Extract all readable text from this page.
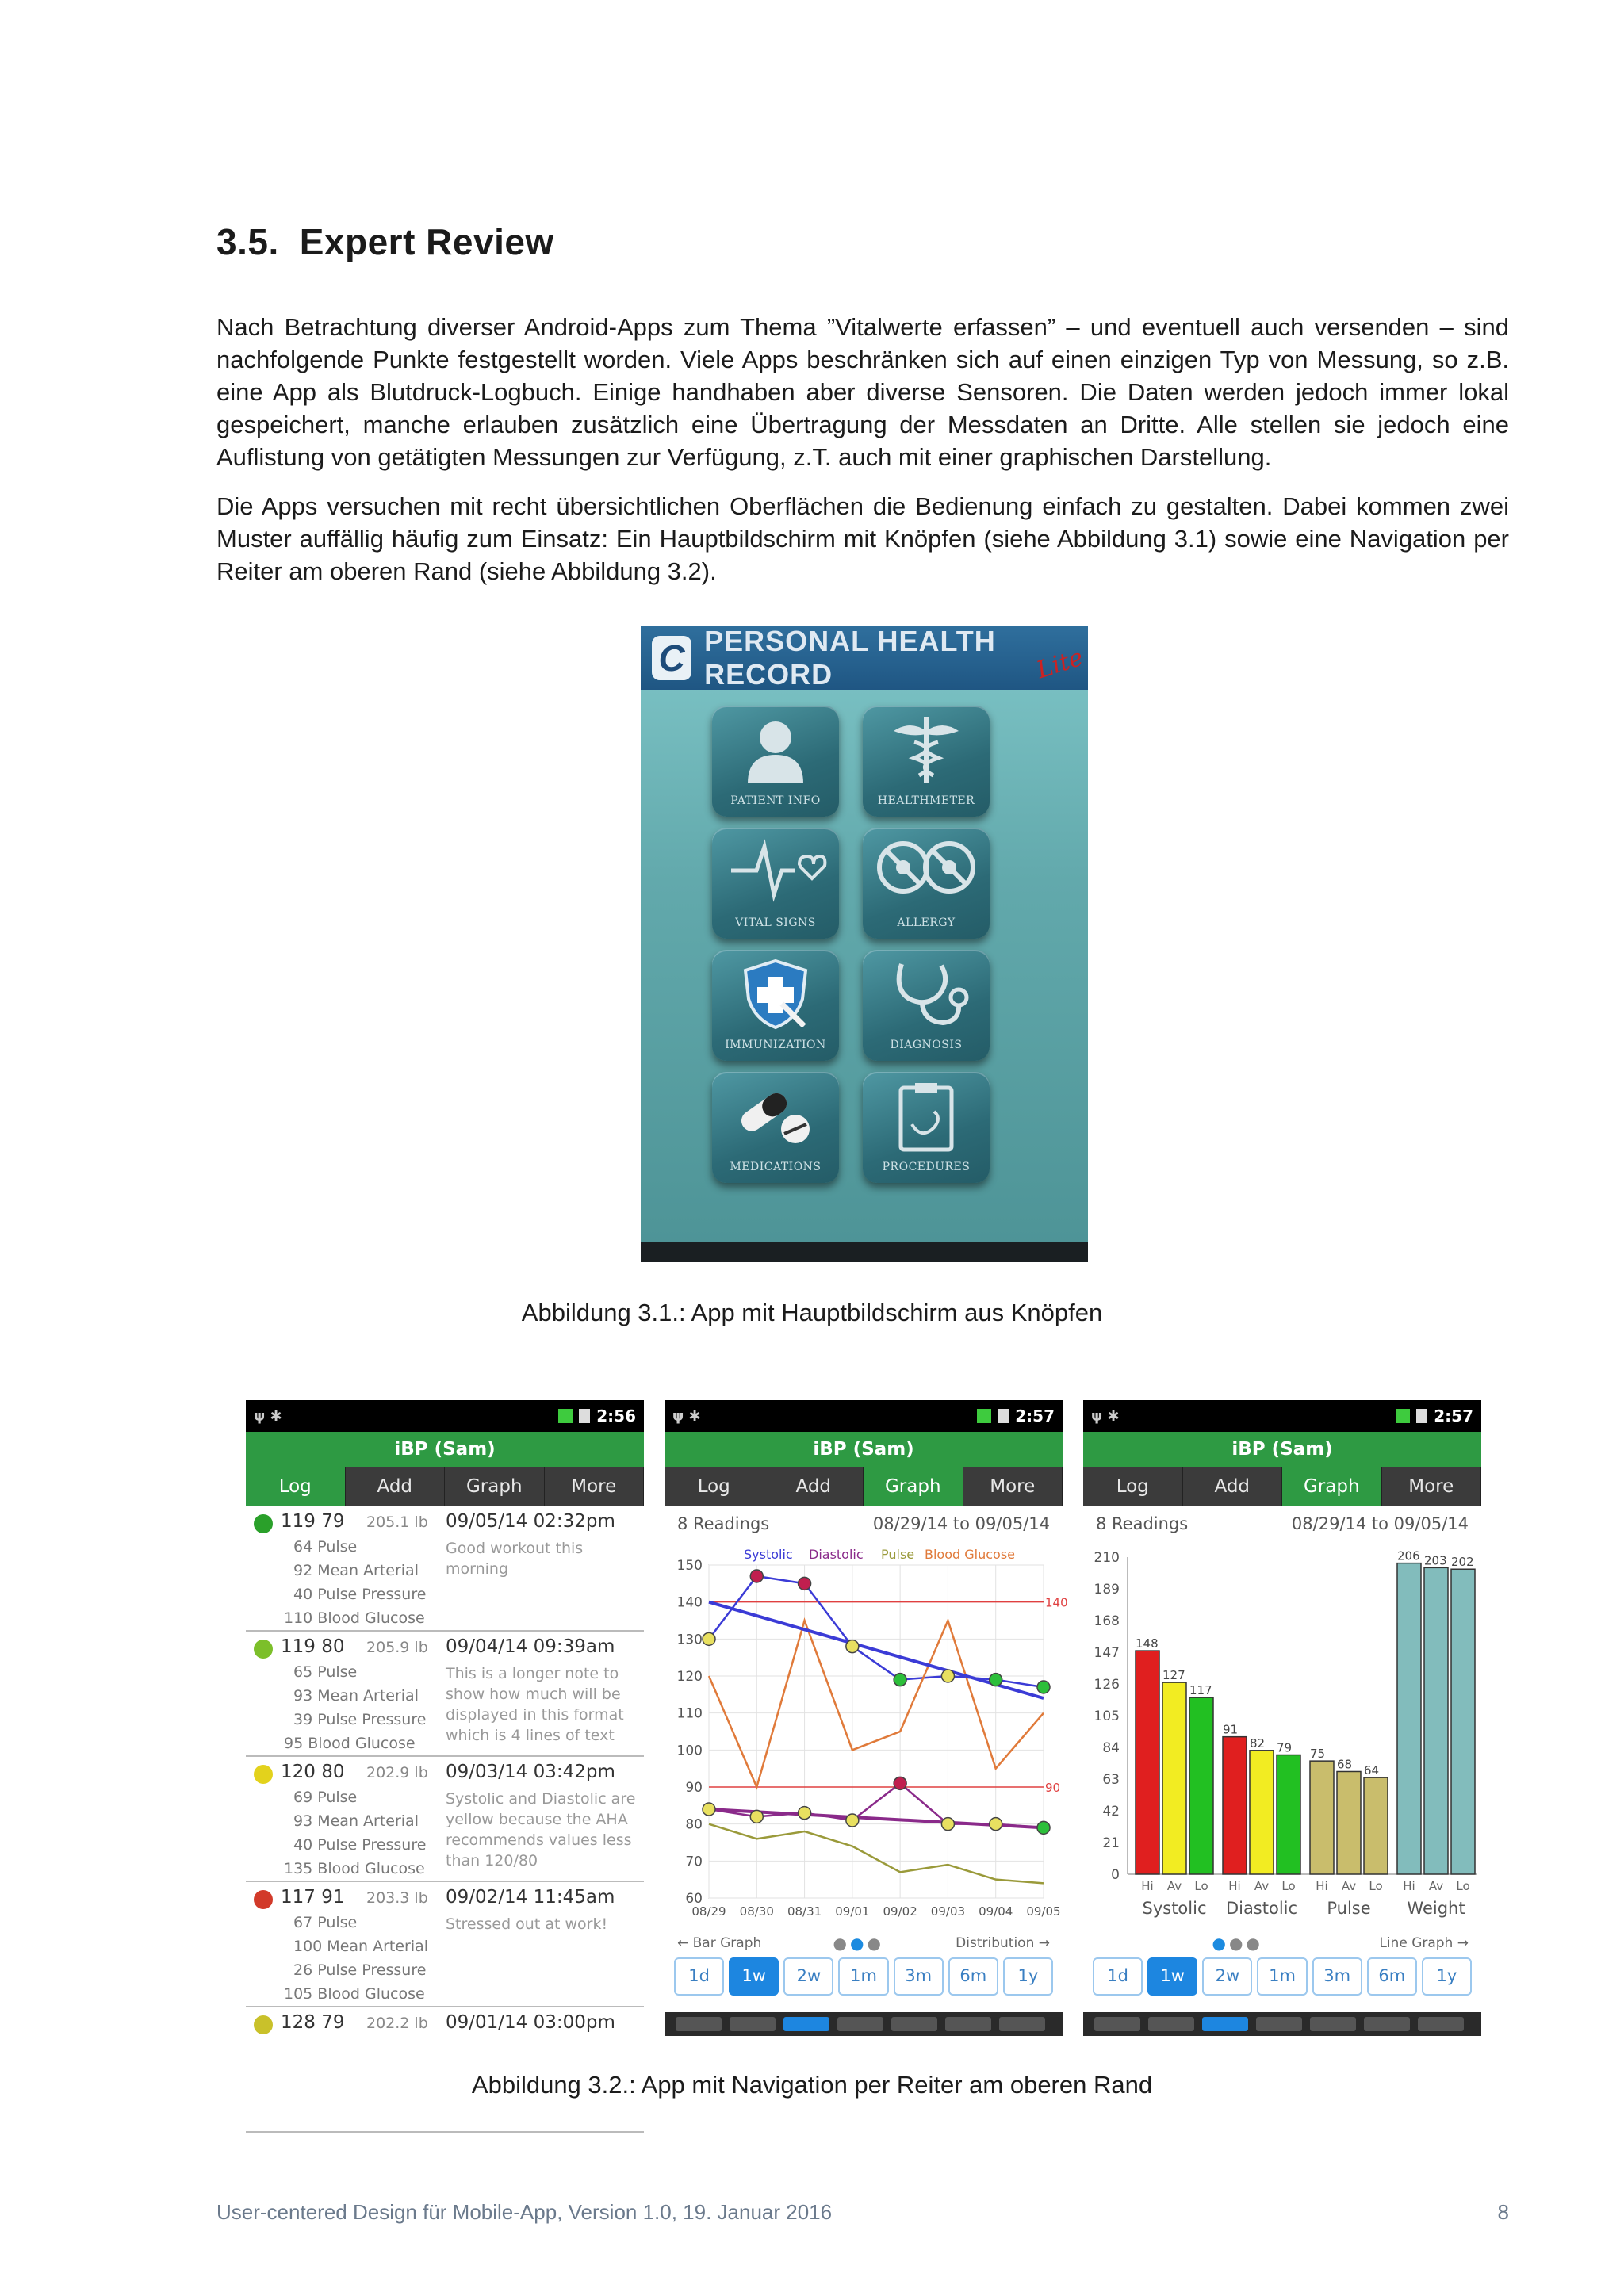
3.5. Expert Review
Nach Betrachtung diverser Android-Apps zum Thema ”Vitalwerte erfassen” – und eventuell auch versenden – sind nachfolgende Punkte festgestellt worden. Viele Apps beschränken sich auf einen einzigen Typ von Messung, so z.B. eine App als Blutdruck-Logbuch. Einige handhaben aber diverse Sensoren. Die Daten werden jedoch immer lokal gespeichert, manche erlauben zusätzlich eine Übertragung der Messdaten an Dritte. Alle stellen sie jedoch eine Auflistung von getätigten Messungen zur Verfügung, z.T. auch mit einer graphischen Darstellung.
Die Apps versuchen mit recht übersichtlichen Oberflächen die Bedienung einfach zu gestalten. Dabei kommen zwei Muster auffällig häufig zum Einsatz: Ein Hauptbildschirm mit Knöpfen (siehe Abbildung 3.1) sowie eine Navigation per Reiter am oberen Rand (siehe Abbildung 3.2).
C PERSONAL HEALTH RECORD	Lite
PATIENT INFO	HEALTHMETER
VITAL SIGNS	ALLERGY
IMMUNIZATION	DIAGNOSIS
MEDICATIONS	PROCEDURES
Abbildung 3.1.: App mit Hauptbildschirm aus Knöpfen
ψ ✱	2:56
iBP (Sam)
Log	Add	Graph	More
119 79 205.1 lb 09/05/14 02:32pm
64 Pulse
92 Mean Arterial
40 Pulse Pressure
110 Blood Glucose
Good workout this morning
119 80 205.9 lb 09/04/14 09:39am
65 Pulse
93 Mean Arterial
39 Pulse Pressure
95 Blood Glucose
This is a longer note to show how much will be displayed in this format which is 4 lines of text
120 80 202.9 lb 09/03/14 03:42pm
69 Pulse
93 Mean Arterial
40 Pulse Pressure
135 Blood Glucose
Systolic and Diastolic are yellow because the AHA recommends values less than 120/80
117 91 203.3 lb 09/02/14 11:45am
67 Pulse
100 Mean Arterial
26 Pulse Pressure
105 Blood Glucose
Stressed out at work!
128 79 202.2 lb 09/01/14 03:00pm
ψ ✱	2:57
iBP (Sam)
Log	Add	Graph	More
8 Readings	08/29/14 to 09/05/14
60
70
80
90
100
110
120
130
140
150
08/29 08/30 08/31 09/01 09/02 09/03 09/04 09/05
140
90
Systolic Diastolic Pulse Blood Glucose
← Bar Graph	●●●	Distribution →
1d	1w	2w	1m	3m	6m	1y
ψ ✱	2:57
iBP (Sam)
Log	Add	Graph	More
8 Readings	08/29/14 to 09/05/14
0
21
42
63
84
105
126
147
168
189
210
148
Hi
127
Av
117
Lo
Systolic
91
Hi
82
Av
79
Lo
Diastolic
75
Hi
68
Av
64
Lo
Pulse
206
Hi
203
Av
202
Lo
Weight
●●●	Line Graph →
1d	1w	2w	1m	3m	6m	1y
Abbildung 3.2.: App mit Navigation per Reiter am oberen Rand
User-centered Design für Mobile-App, Version 1.0, 19. Januar 2016	8
